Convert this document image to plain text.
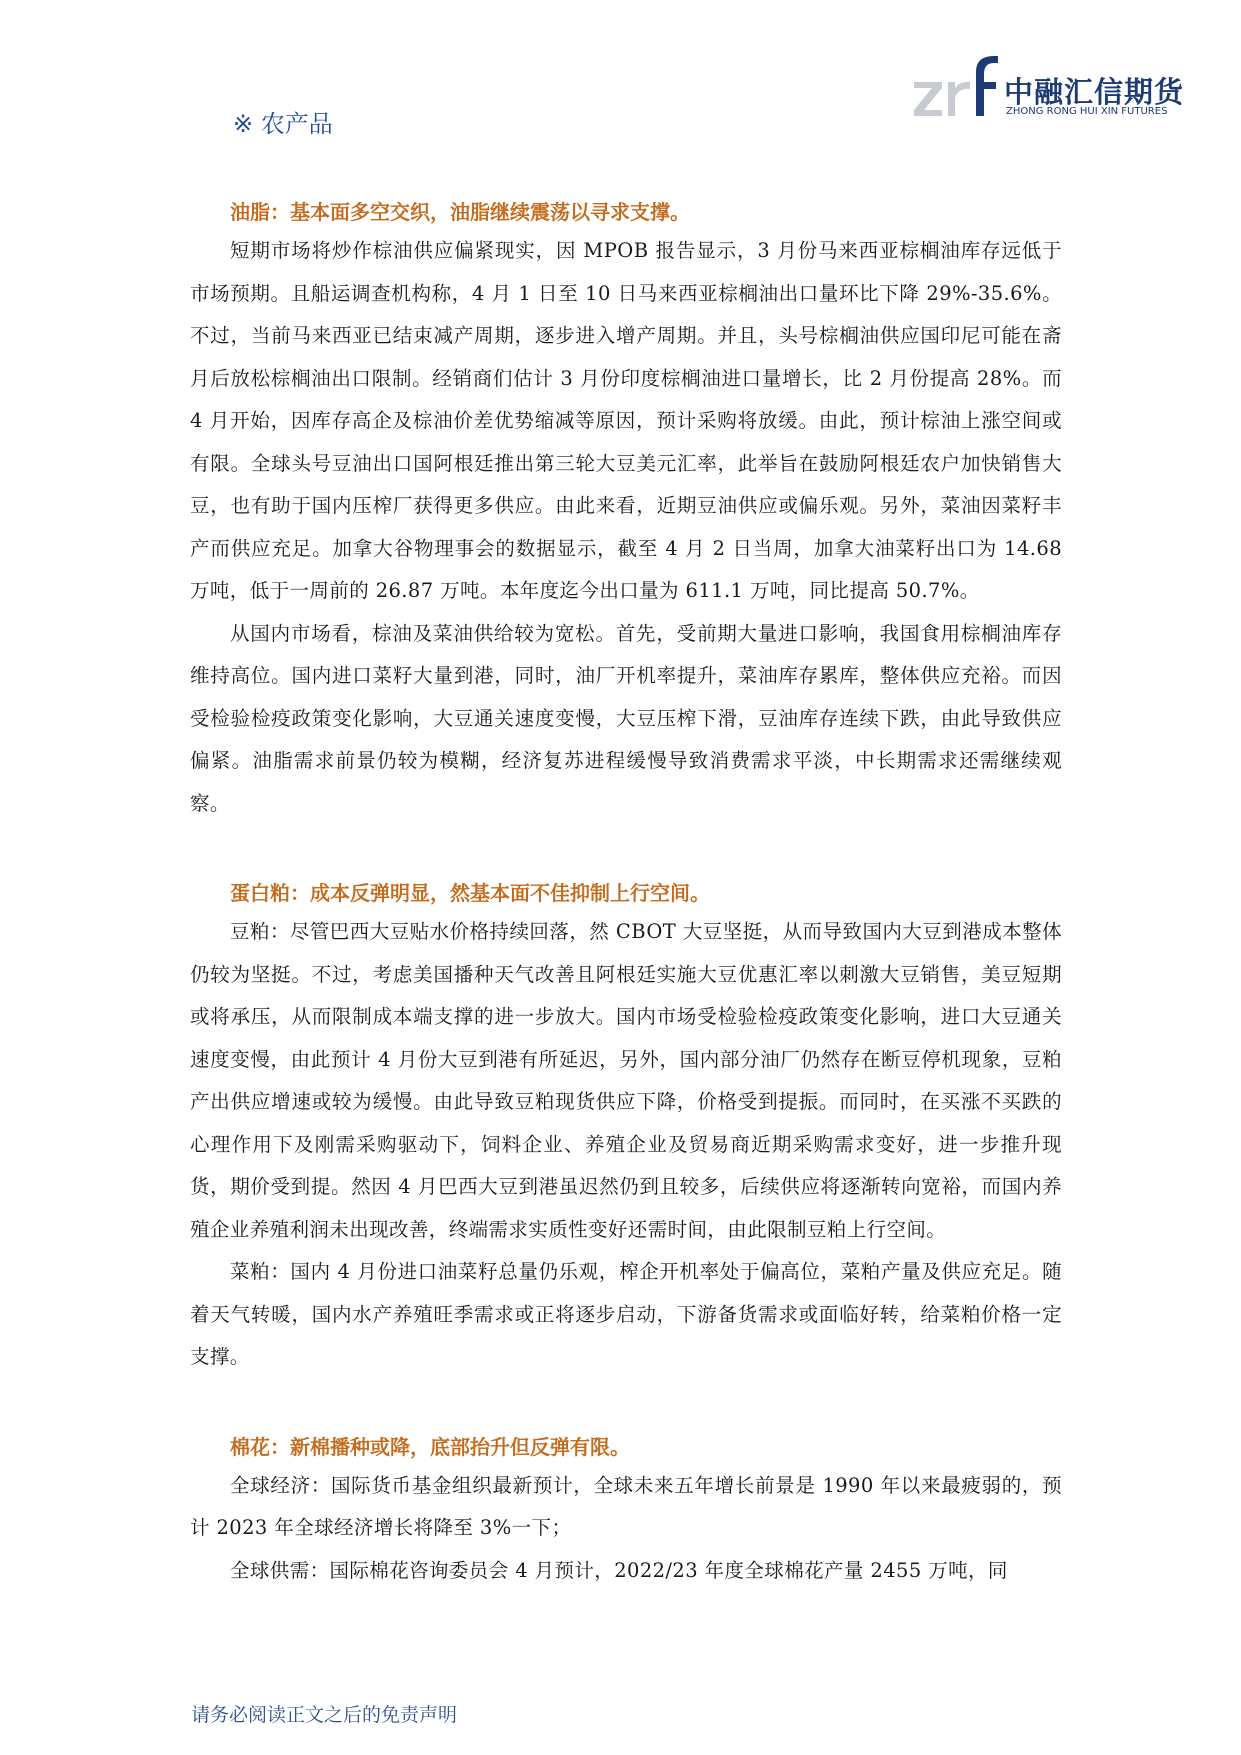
中融汇信期货
ZHONG RONG HUI XIN FUTURES
※ 农产品
油脂：基本面多空交织，油脂继续震荡以寻求支撑。

短期市场将炒作棕油供应偏紧现实，因 MPOB 报告显示，3 月份马来西亚棕榈油库存远低于市场预期。且船运调查机构称，4 月 1 日至 10 日马来西亚棕榈油出口量环比下降 29%-35.6%。不过，当前马来西亚已结束减产周期，逐步进入增产周期。并且，头号棕榈油供应国印尼可能在斋月后放松棕榈油出口限制。经销商们估计 3 月份印度棕榈油进口量增长，比 2 月份提高 28%。而 4 月开始，因库存高企及棕油价差优势缩减等原因，预计采购将放缓。由此，预计棕油上涨空间或有限。全球头号豆油出口国阿根廷推出第三轮大豆美元汇率，此举旨在鼓励阿根廷农户加快销售大豆，也有助于国内压榨厂获得更多供应。由此来看，近期豆油供应或偏乐观。另外，菜油因菜籽丰产而供应充足。加拿大谷物理事会的数据显示，截至 4 月 2 日当周，加拿大油菜籽出口为 14.68 万吨，低于一周前的 26.87 万吨。本年度迄今出口量为 611.1 万吨，同比提高 50.7%。

从国内市场看，棕油及菜油供给较为宽松。首先，受前期大量进口影响，我国食用棕榈油库存维持高位。国内进口菜籽大量到港，同时，油厂开机率提升，菜油库存累库，整体供应充裕。而因受检验检疫政策变化影响，大豆通关速度变慢，大豆压榨下滑，豆油库存连续下跌，由此导致供应偏紧。油脂需求前景仍较为模糊，经济复苏进程缓慢导致消费需求平淡，中长期需求还需继续观察。

蛋白粕：成本反弹明显，然基本面不佳抑制上行空间。

豆粕：尽管巴西大豆贴水价格持续回落，然 CBOT 大豆坚挺，从而导致国内大豆到港成本整体仍较为坚挺。不过，考虑美国播种天气改善且阿根廷实施大豆优惠汇率以刺激大豆销售，美豆短期或将承压，从而限制成本端支撑的进一步放大。国内市场受检验检疫政策变化影响，进口大豆通关速度变慢，由此预计 4 月份大豆到港有所延迟，另外，国内部分油厂仍然存在断豆停机现象，豆粕产出供应增速或较为缓慢。由此导致豆粕现货供应下降，价格受到提振。而同时，在买涨不买跌的心理作用下及刚需采购驱动下，饲料企业、养殖企业及贸易商近期采购需求变好，进一步推升现货，期价受到提。然因 4 月巴西大豆到港虽迟然仍到且较多，后续供应将逐渐转向宽裕，而国内养殖企业养殖利润未出现改善，终端需求实质性变好还需时间，由此限制豆粕上行空间。

菜粕：国内 4 月份进口油菜籽总量仍乐观，榨企开机率处于偏高位，菜粕产量及供应充足。随着天气转暖，国内水产养殖旺季需求或正将逐步启动，下游备货需求或面临好转，给菜粕价格一定支撑。

棉花：新棉播种或降，底部抬升但反弹有限。

全球经济：国际货币基金组织最新预计，全球未来五年增长前景是 1990 年以来最疲弱的，预计 2023 年全球经济增长将降至 3%一下；

全球供需：国际棉花咨询委员会 4 月预计，2022/23 年度全球棉花产量 2455 万吨，同

请务必阅读正文之后的免责声明
